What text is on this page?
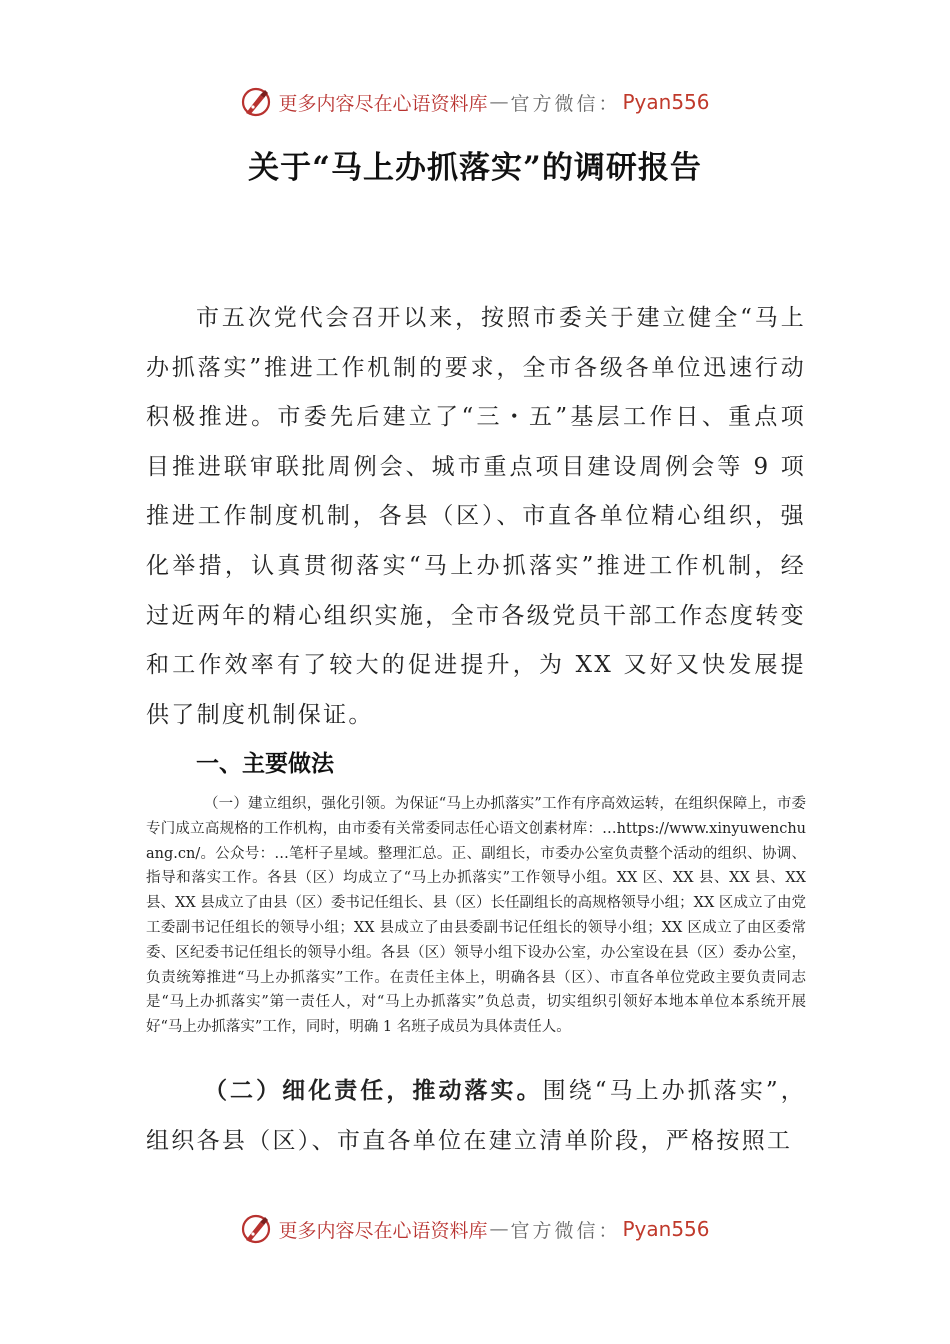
更多内容尽在心语资料库 — 官方微信： Pyan556
关于“马上办抓落实”的调研报告

市五次党代会召开以来，按照市委关于建立健全“马上办抓落实”推进工作机制的要求，全市各级各单位迅速行动积极推进。市委先后建立了“三・五”基层工作日、重点项目推进联审联批周例会、城市重点项目建设周例会等 9 项推进工作制度机制，各县（区）、市直各单位精心组织，强化举措，认真贯彻落实“马上办抓落实”推进工作机制，经过近两年的精心组织实施，全市各级党员干部工作态度转变和工作效率有了较大的促进提升，为 XX 又好又快发展提供了制度机制保证。

一、主要做法

（一）建立组织，强化引领。为保证“马上办抓落实”工作有序高效运转，在组织保障上，市委专门成立高规格的工作机构，由市委有关常委同志任心语文创素材库：…https://www.xinyuwenchuang.cn/。公众号：…笔杆子星域。整理汇总。正、副组长，市委办公室负责整个活动的组织、协调、指导和落实工作。各县（区）均成立了“马上办抓落实”工作领导小组。XX 区、XX 县、XX 县、XX 县、XX 县成立了由县（区）委书记任组长、县（区）长任副组长的高规格领导小组；XX 区成立了由党工委副书记任组长的领导小组；XX 县成立了由县委副书记任组长的领导小组；XX 区成立了由区委常委、区纪委书记任组长的领导小组。各县（区）领导小组下设办公室，办公室设在县（区）委办公室，负责统筹推进“马上办抓落实”工作。在责任主体上，明确各县（区）、市直各单位党政主要负责同志是“马上办抓落实”第一责任人，对“马上办抓落实”负总责，切实组织引领好本地本单位本系统开展好“马上办抓落实”工作，同时，明确 1 名班子成员为具体责任人。

（二）细化责任，推动落实。围绕“马上办抓落实”，组织各县（区）、市直各单位在建立清单阶段，严格按照工

更多内容尽在心语资料库 — 官方微信： Pyan556
